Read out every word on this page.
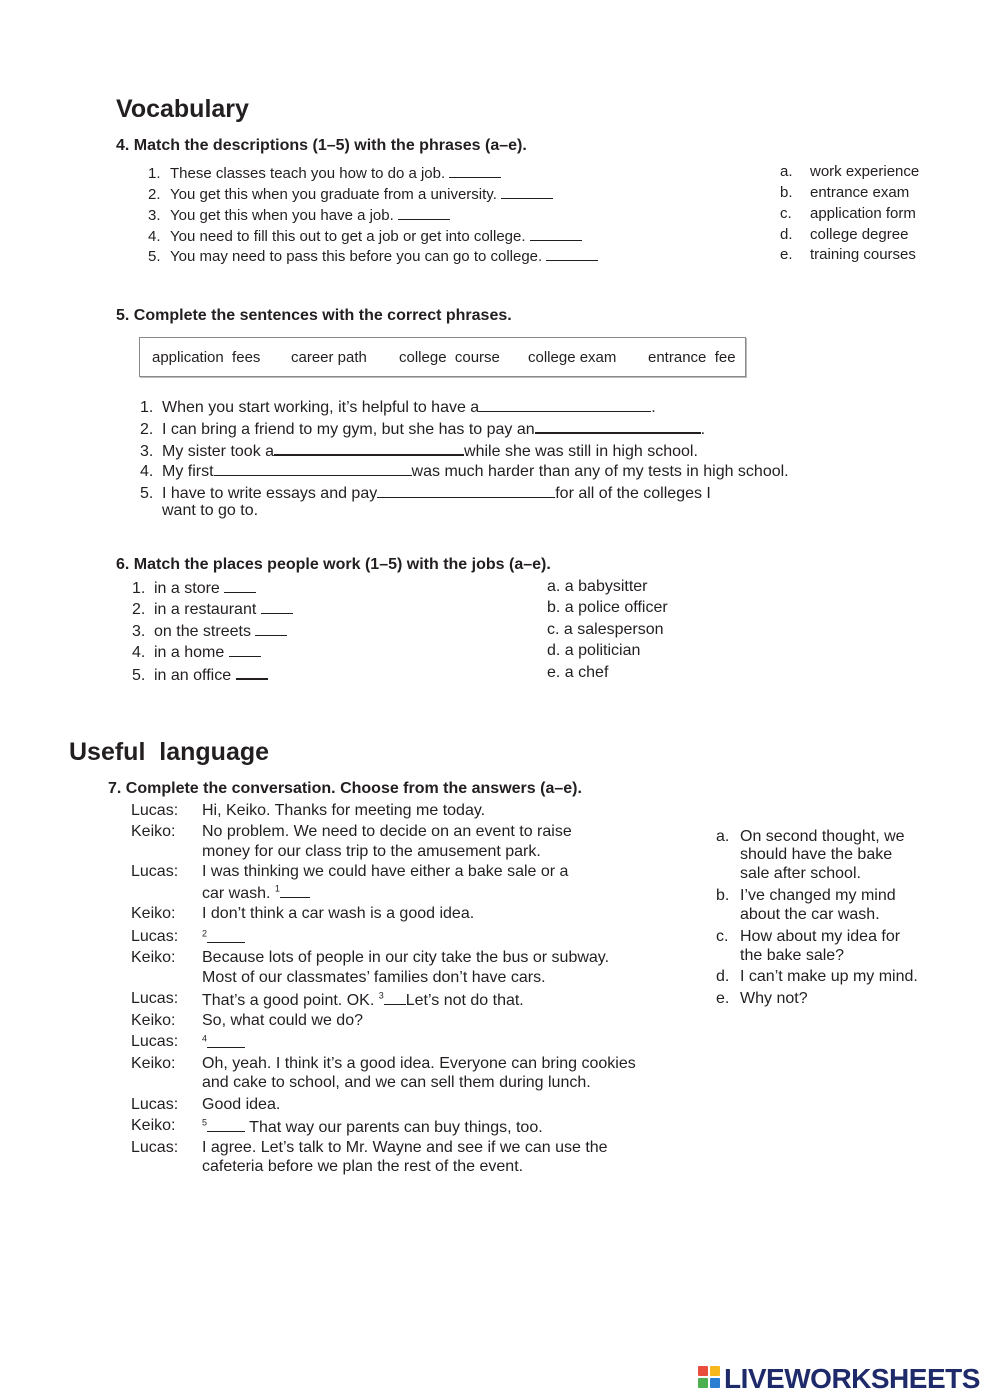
Vocabulary
4. Match the descriptions (1–5) with the phrases (a–e).
1. These classes teach you how to do a job.
2. You get this when you graduate from a university.
3. You get this when you have a job.
4. You need to fill this out to get a job or get into college.
5. You may need to pass this before you can go to college.
a. work experience
b. entrance exam
c. application form
d. college degree
e. training courses
5. Complete the sentences with the correct phrases.
application  fees career path college  course college exam entrance  fee
1. When you start working, it’s helpful to have a	.
2. I can bring a friend to my gym, but she has to pay an	.
3. My sister took a	while she was still in high school.
4. My first	was much harder than any of my tests in high school.
5. I have to write essays and pay	for all of the colleges I
want to go to.
6. Match the places people work (1–5) with the jobs (a–e).
1. in a store
2. in a restaurant
3. on the streets
4. in a home
5. in an office
a. a babysitter
b. a police officer
c. a salesperson
d. a politician
e. a chef
Useful  language
7. Complete the conversation. Choose from the answers (a–e).
Lucas: Hi, Keiko. Thanks for meeting me today.
Keiko: No problem. We need to decide on an event to raise
money for our class trip to the amusement park.
Lucas: I was thinking we could have either a bake sale or a
car wash. $^1$
Keiko: I don’t think a car wash is a good idea.
Lucas:	$^2$
Keiko: Because lots of people in our city take the bus or subway.
Most of our classmates’ families don’t have cars.
Lucas: That’s a good point. OK. $^3$ Let’s not do that.
Keiko: So, what could we do?
Lucas:	$^4$
Keiko: Oh, yeah. I think it’s a good idea. Everyone can bring cookies
and cake to school, and we can sell them during lunch.
Lucas: Good idea.
Keiko:	$^5$	That way our parents can buy things, too.
Lucas: I agree. Let’s talk to Mr. Wayne and see if we can use the
cafeteria before we plan the rest of the event.
a. On second thought, we
should have the bake
sale after school.
b. I’ve changed my mind
about the car wash.
c. How about my idea for
the bake sale?
d. I can’t make up my mind.
e. Why not?
LIVEWORKSHEETS
